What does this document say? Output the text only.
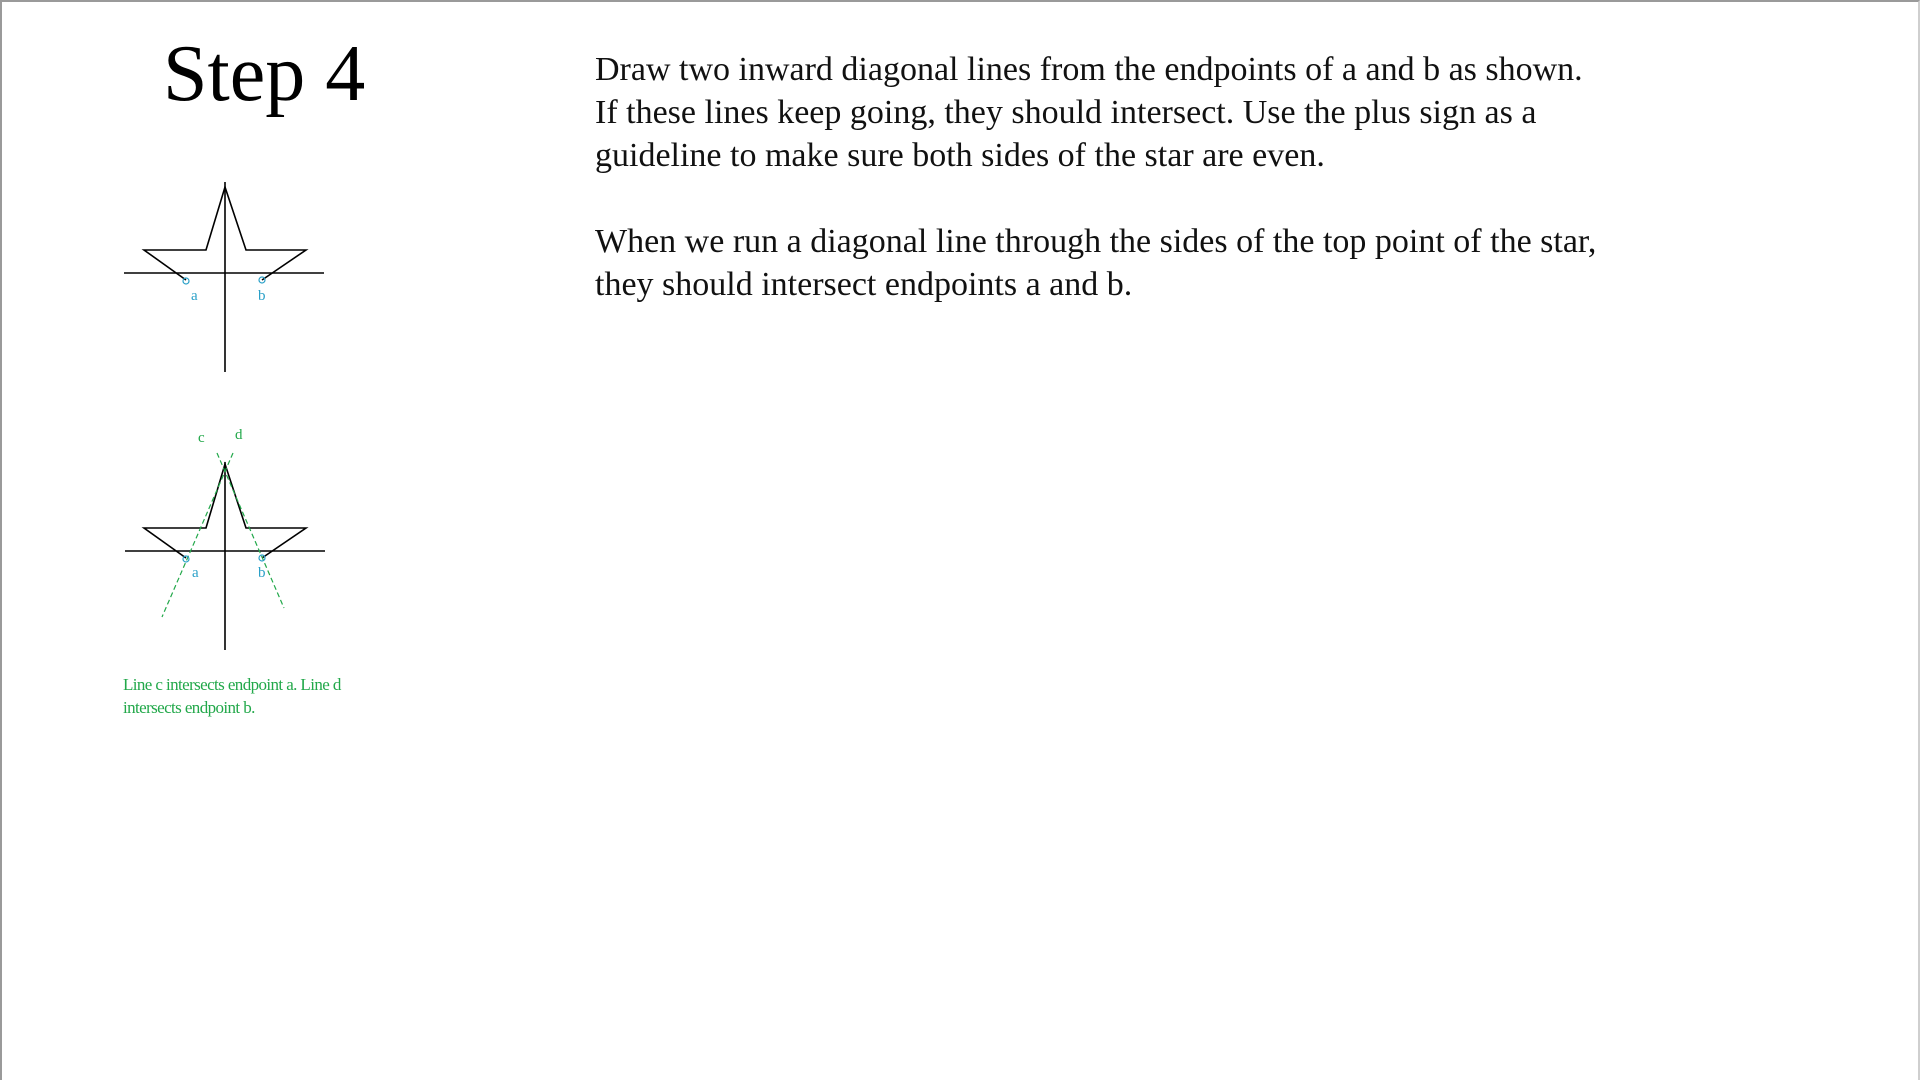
Step 4	Draw two inward diagonal lines from the endpoints of a and b as shown. If these lines keep going, they should intersect. Use the plus sign as a guideline to make sure both sides of the star are even.

When we run a diagonal line through the sides of the top point of the star, they should intersect endpoints a and b.

a	b
c d
a	b

Line c intersects endpoint a. Line d intersects endpoint b.
